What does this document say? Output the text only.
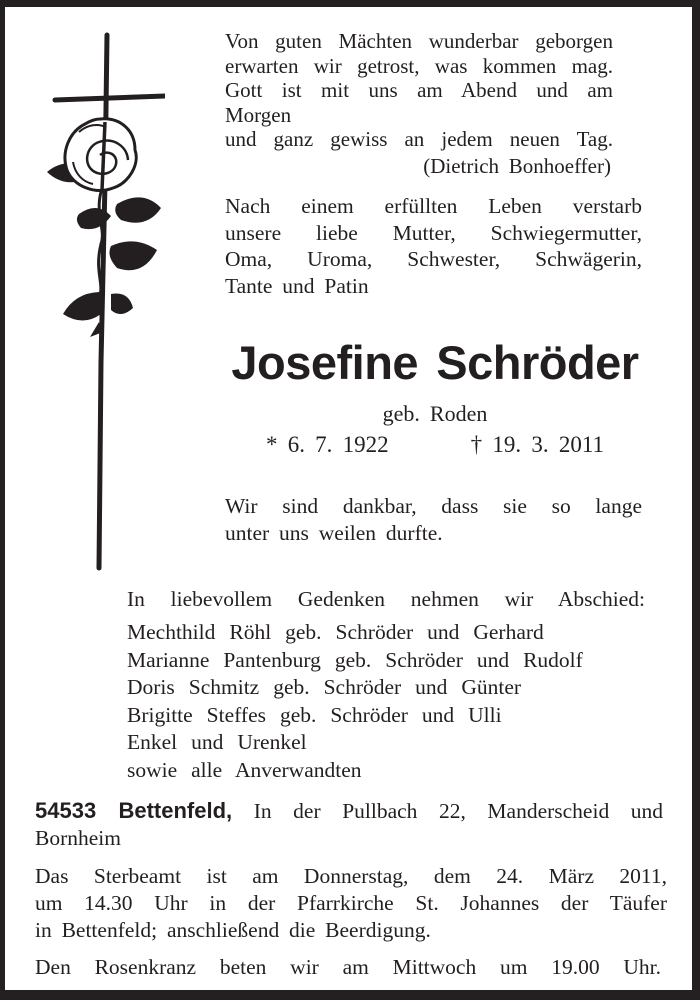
Von guten Mächten wunderbar geborgen
erwarten wir getrost, was kommen mag.
Gott ist mit uns am Abend und am Morgen
und ganz gewiss an jedem neuen Tag.
(Dietrich Bonhoeffer)
Nach einem erfüllten Leben verstarb
unsere liebe Mutter, Schwiegermutter,
Oma, Uroma, Schwester, Schwägerin,
Tante und Patin
Josefine Schröder
geb. Roden
* 6. 7. 1922	† 19. 3. 2011
Wir sind dankbar, dass sie so lange
unter uns weilen durfte.
In liebevollem Gedenken nehmen wir Abschied:
Mechthild Röhl geb. Schröder und Gerhard
Marianne Pantenburg geb. Schröder und Rudolf
Doris Schmitz geb. Schröder und Günter
Brigitte Steffes geb. Schröder und Ulli
Enkel und Urenkel
sowie alle Anverwandten
54533 Bettenfeld, In der Pullbach 22, Manderscheid und
Bornheim
Das Sterbeamt ist am Donnerstag, dem 24. März 2011,
um 14.30 Uhr in der Pfarrkirche St. Johannes der Täufer
in Bettenfeld; anschließend die Beerdigung.
Den Rosenkranz beten wir am Mittwoch um 19.00 Uhr.
